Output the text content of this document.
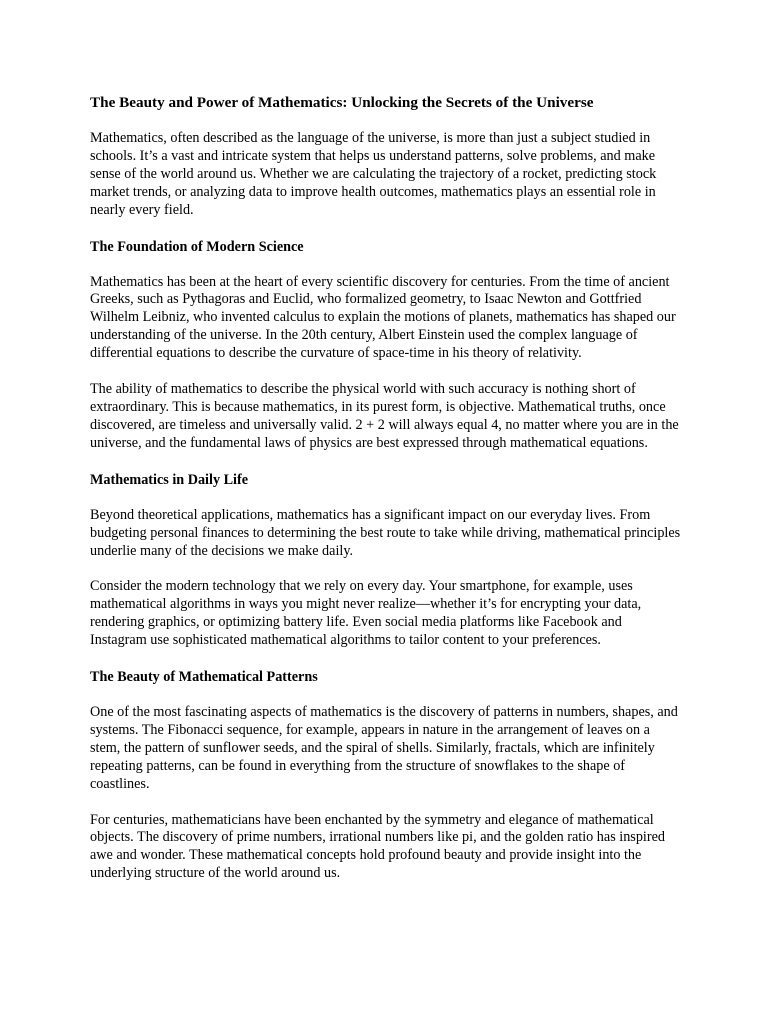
The Beauty and Power of Mathematics: Unlocking the Secrets of the Universe

Mathematics, often described as the language of the universe, is more than just a subject studied in schools. It’s a vast and intricate system that helps us understand patterns, solve problems, and make sense of the world around us. Whether we are calculating the trajectory of a rocket, predicting stock market trends, or analyzing data to improve health outcomes, mathematics plays an essential role in nearly every field.

The Foundation of Modern Science

Mathematics has been at the heart of every scientific discovery for centuries. From the time of ancient Greeks, such as Pythagoras and Euclid, who formalized geometry, to Isaac Newton and Gottfried Wilhelm Leibniz, who invented calculus to explain the motions of planets, mathematics has shaped our understanding of the universe. In the 20th century, Albert Einstein used the complex language of differential equations to describe the curvature of space-time in his theory of relativity.

The ability of mathematics to describe the physical world with such accuracy is nothing short of extraordinary. This is because mathematics, in its purest form, is objective. Mathematical truths, once discovered, are timeless and universally valid. 2 + 2 will always equal 4, no matter where you are in the universe, and the fundamental laws of physics are best expressed through mathematical equations.

Mathematics in Daily Life

Beyond theoretical applications, mathematics has a significant impact on our everyday lives. From budgeting personal finances to determining the best route to take while driving, mathematical principles underlie many of the decisions we make daily.

Consider the modern technology that we rely on every day. Your smartphone, for example, uses mathematical algorithms in ways you might never realize—whether it’s for encrypting your data, rendering graphics, or optimizing battery life. Even social media platforms like Facebook and Instagram use sophisticated mathematical algorithms to tailor content to your preferences.

The Beauty of Mathematical Patterns

One of the most fascinating aspects of mathematics is the discovery of patterns in numbers, shapes, and systems. The Fibonacci sequence, for example, appears in nature in the arrangement of leaves on a stem, the pattern of sunflower seeds, and the spiral of shells. Similarly, fractals, which are infinitely repeating patterns, can be found in everything from the structure of snowflakes to the shape of coastlines.

For centuries, mathematicians have been enchanted by the symmetry and elegance of mathematical objects. The discovery of prime numbers, irrational numbers like pi, and the golden ratio has inspired awe and wonder. These mathematical concepts hold profound beauty and provide insight into the underlying structure of the world around us.
